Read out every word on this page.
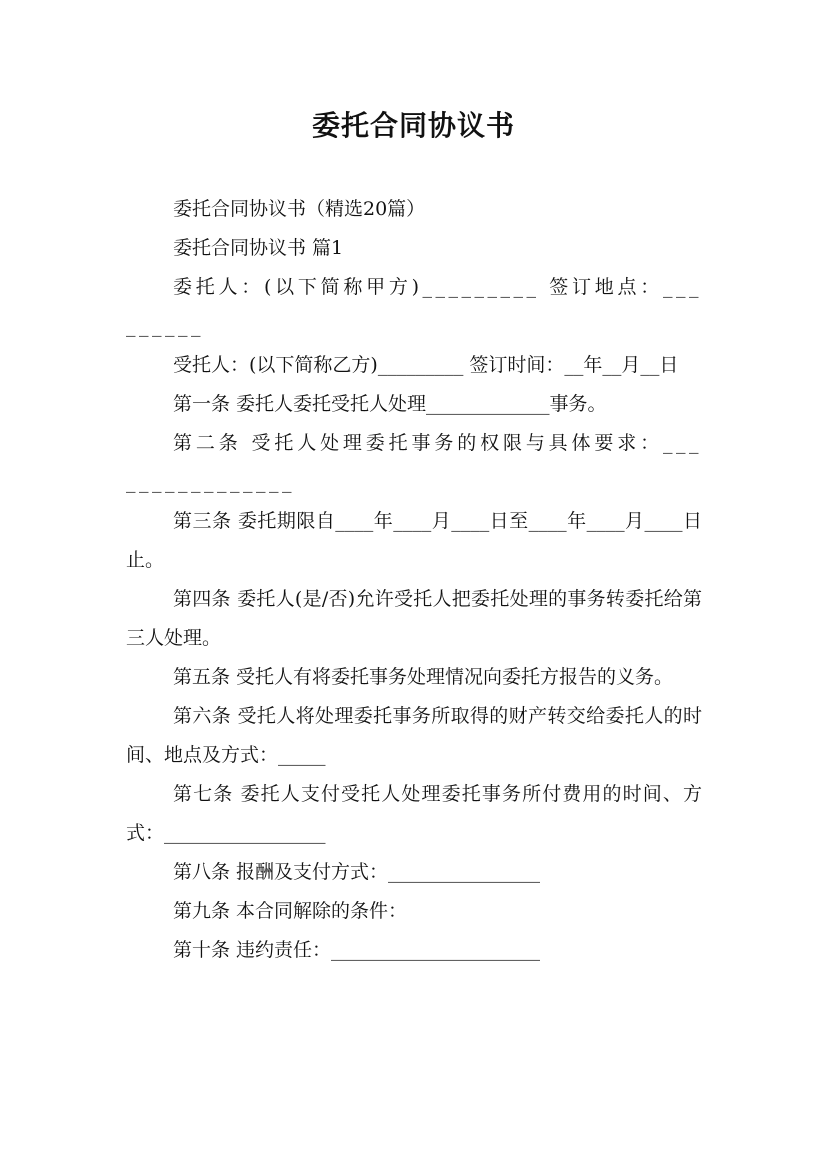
委托合同协议书

委托合同协议书（精选20篇）

委托合同协议书 篇1

委托人：(以下简称甲方)_________ 签订地点：_________

受托人：(以下简称乙方)_________ 签订时间：__年__月__日

第一条 委托人委托受托人处理_____________事务。

第二条 受托人处理委托事务的权限与具体要求：________________

第三条 委托期限自____年____月____日至____年____月____日止。

第四条 委托人(是/否)允许受托人把委托处理的事务转委托给第三人处理。

第五条 受托人有将委托事务处理情况向委托方报告的义务。

第六条 受托人将处理委托事务所取得的财产转交给委托人的时间、地点及方式：_____

第七条 委托人支付受托人处理委托事务所付费用的时间、方式：_________________

第八条 报酬及支付方式：________________

第九条 本合同解除的条件：

第十条 违约责任：______________________
